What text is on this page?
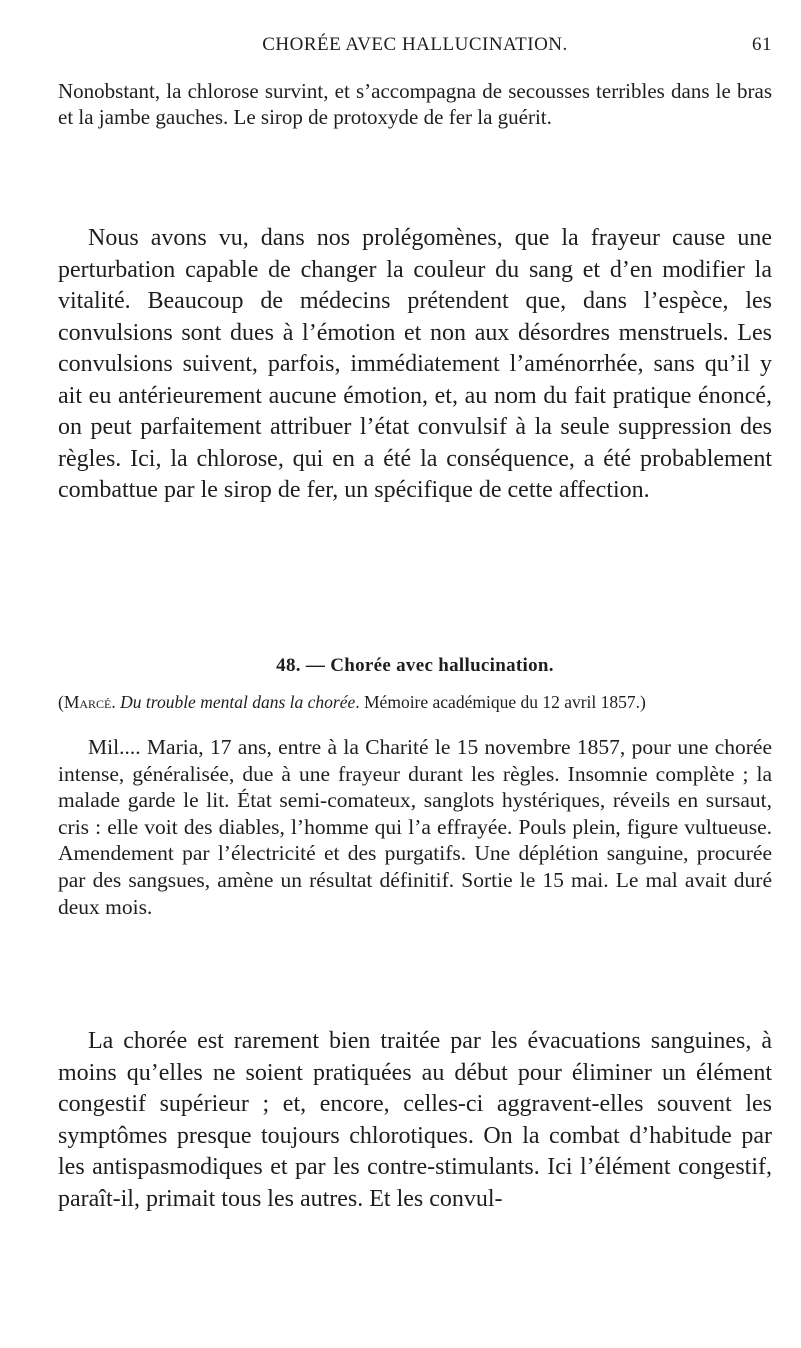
CHORÉE AVEC HALLUCINATION.	61

Nonobstant, la chlorose survint, et s’accompagna de secousses terribles dans le bras et la jambe gauches. Le sirop de protoxyde de fer la guérit.

Nous avons vu, dans nos prolégomènes, que la frayeur cause une perturbation capable de changer la couleur du sang et d’en modifier la vitalité. Beaucoup de médecins prétendent que, dans l’espèce, les convulsions sont dues à l’émotion et non aux désordres menstruels. Les convulsions suivent, parfois, immédiatement l’aménorrhée, sans qu’il y ait eu antérieurement aucune émotion, et, au nom du fait pratique énoncé, on peut parfaitement attribuer l’état convulsif à la seule suppression des règles. Ici, la chlorose, qui en a été la conséquence, a été probablement combattue par le sirop de fer, un spécifique de cette affection.

48. — Chorée avec hallucination.
(Marcé. Du trouble mental dans la chorée. Mémoire académique du 12 avril 1857.)

Mil.... Maria, 17 ans, entre à la Charité le 15 novembre 1857, pour une chorée intense, généralisée, due à une frayeur durant les règles. Insomnie complète ; la malade garde le lit. État semi-comateux, sanglots hystériques, réveils en sursaut, cris : elle voit des diables, l’homme qui l’a effrayée. Pouls plein, figure vultueuse. Amendement par l’électricité et des purgatifs. Une déplétion sanguine, procurée par des sangsues, amène un résultat définitif. Sortie le 15 mai. Le mal avait duré deux mois.

La chorée est rarement bien traitée par les évacuations sanguines, à moins qu’elles ne soient pratiquées au début pour éliminer un élément congestif supérieur ; et, encore, celles-ci aggravent-elles souvent les symptômes presque toujours chlorotiques. On la combat d’habitude par les antispasmodiques et par les contre-stimulants. Ici l’élément congestif, paraît-il, primait tous les autres. Et les convul-
